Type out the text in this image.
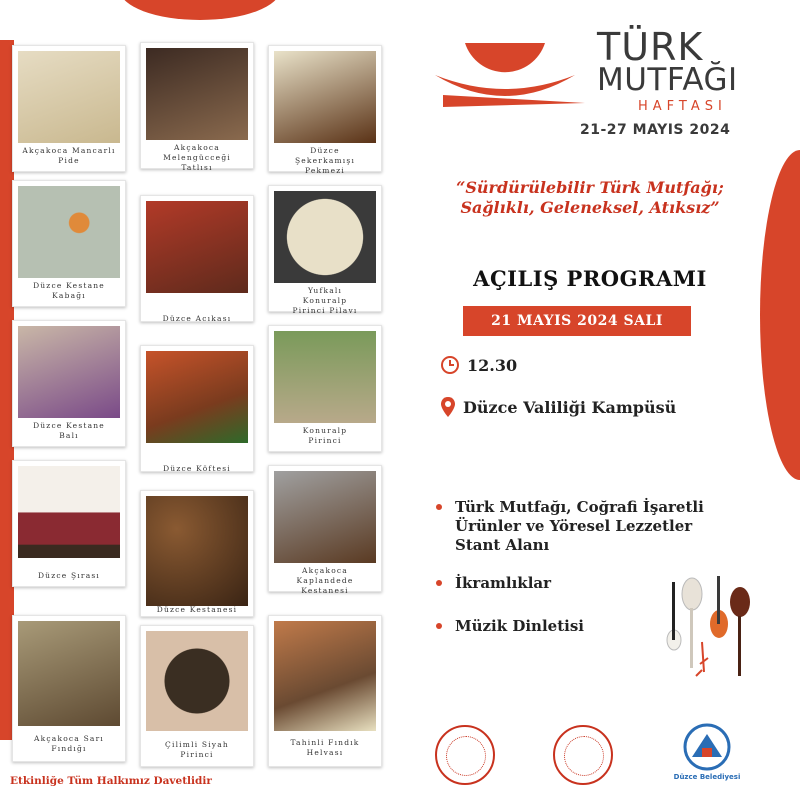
Akçakoca Mancarlı
Pide
Akçakoca
Melengücceği
Tatlısı
Düzce
Şekerkamışı
Pekmezi
Düzce Kestane
Kabağı
Düzce Acıkası
Yufkalı
Konuralp
Pirinci Pilavı
Düzce Kestane
Balı
Düzce Köftesi
Konuralp
Pirinci
Düzce Şırası
Düzce Kestanesi
Akçakoca
Kaplandede
Kestanesi
Akçakoca Sarı
Fındığı	Çilimli Siyah
Pirinci
Tahinli Fındık
Helvası
TÜRK
MUTFAĞI
HAFTASI
21-27 MAYIS 2024
“Sürdürülebilir Türk Mutfağı;
Sağlıklı, Geleneksel, Atıksız”
AÇILIŞ PROGRAMI
21 MAYIS 2024 SALI
12.30
Düzce Valiliği Kampüsü
Türk Mutfağı, Coğrafi İşaretli
Ürünler ve Yöresel Lezzetler
Stant Alanı
İkramlıklar
Müzik Dinletisi
Düzce Belediyesi
Etkinliğe Tüm Halkımız Davetlidir
